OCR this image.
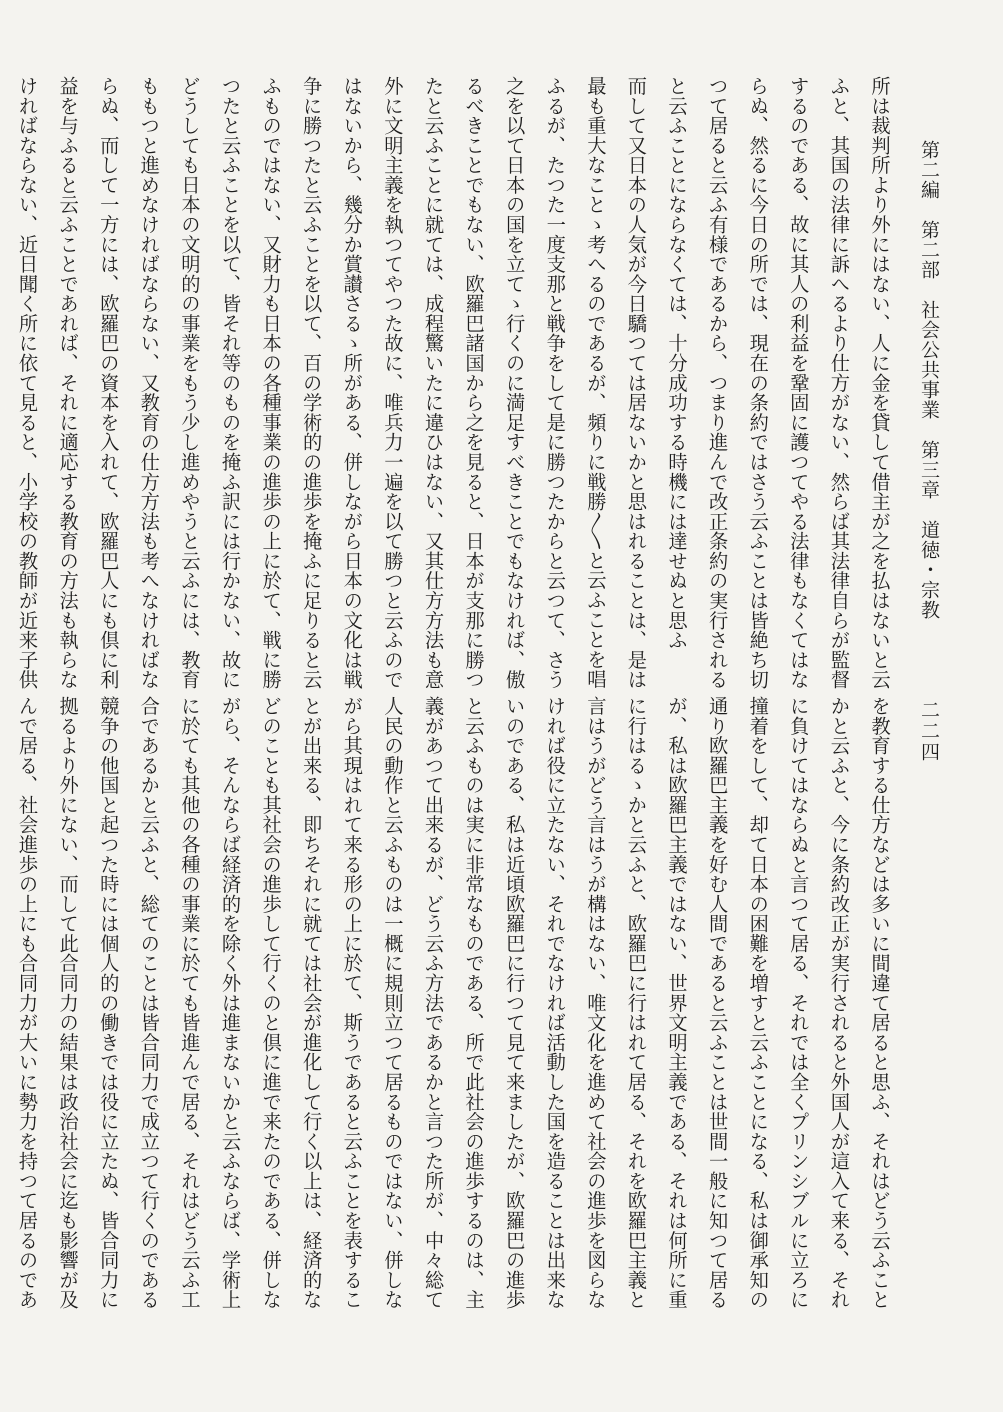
第二編　第二部　社会公共事業　第三章　道徳・宗教
二二四
所は裁判所より外にはない、人に金を貸して借主が之を払はないと云
ふと、其国の法律に訴へるより仕方がない、然らば其法律自らが監督
するのである、故に其人の利益を鞏固に護つてやる法律もなくてはな
らぬ、然るに今日の所では、現在の条約ではさう云ふことは皆絶ち切
つて居ると云ふ有様であるから、つまり進んで改正条約の実行される
と云ふことにならなくては、十分成功する時機には達せぬと思ふ
而して又日本の人気が今日驕つては居ないかと思はれることは、是は
最も重大なことゝ考へるのであるが、頻りに戦勝〳〵と云ふことを唱
ふるが、たつた一度支那と戦争をして是に勝つたからと云つて、さう
之を以て日本の国を立てゝ行くのに満足すべきことでもなければ、傲
るべきことでもない、欧羅巴諸国から之を見ると、日本が支那に勝つ
たと云ふことに就ては、成程驚いたに違ひはない、又其仕方方法も意
外に文明主義を執つてやつた故に、唯兵力一遍を以て勝つと云ふので
はないから、幾分か賞讃さるゝ所がある、併しながら日本の文化は戦
争に勝つたと云ふことを以て、百の学術的の進歩を掩ふに足りると云
ふものではない、又財力も日本の各種事業の進歩の上に於て、戦に勝
つたと云ふことを以て、皆それ等のものを掩ふ訳には行かない、故に
どうしても日本の文明的の事業をもう少し進めやうと云ふには、教育
ももつと進めなければならない、又教育の仕方方法も考へなければな
らぬ、而して一方には、欧羅巴の資本を入れて、欧羅巴人にも倶に利
益を与ふると云ふことであれば、それに適応する教育の方法も執らな
ければならない、近日聞く所に依て見ると、小学校の教師が近来子供
を教育する仕方などは多いに間違て居ると思ふ、それはどう云ふこと
かと云ふと、今に条約改正が実行されると外国人が這入て来る、それ
に負けてはならぬと言つて居る、それでは全くプリンシブルに立ろに
撞着をして、却て日本の困難を増すと云ふことになる、私は御承知の
通り欧羅巴主義を好む人間であると云ふことは世間一般に知つて居る
が、私は欧羅巴主義ではない、世界文明主義である、それは何所に重
に行はるゝかと云ふと、欧羅巴に行はれて居る、それを欧羅巴主義と
言はうがどう言はうが構はない、唯文化を進めて社会の進歩を図らな
ければ役に立たない、それでなければ活動した国を造ることは出来な
いのである、私は近頃欧羅巴に行つて見て来ましたが、欧羅巴の進歩
と云ふものは実に非常なものである、所で此社会の進歩するのは、主
義があつて出来るが、どう云ふ方法であるかと言つた所が、中々総て
人民の動作と云ふものは一概に規則立つて居るものではない、併しな
がら其現はれて来る形の上に於て、斯うであると云ふことを表するこ
とが出来る、即ちそれに就ては社会が進化して行く以上は、経済的な
どのことも其社会の進歩して行くのと倶に進で来たのである、併しな
がら、そんならば経済的を除く外は進まないかと云ふならば、学術上
に於ても其他の各種の事業に於ても皆進んで居る、それはどう云ふ工
合であるかと云ふと、総てのことは皆合同力で成立つて行くのである
競争の他国と起つた時には個人的の働きでは役に立たぬ、皆合同力に
拠るより外にない、而して此合同力の結果は政治社会に迄も影響が及
んで居る、社会進歩の上にも合同力が大いに勢力を持つて居るのであ
